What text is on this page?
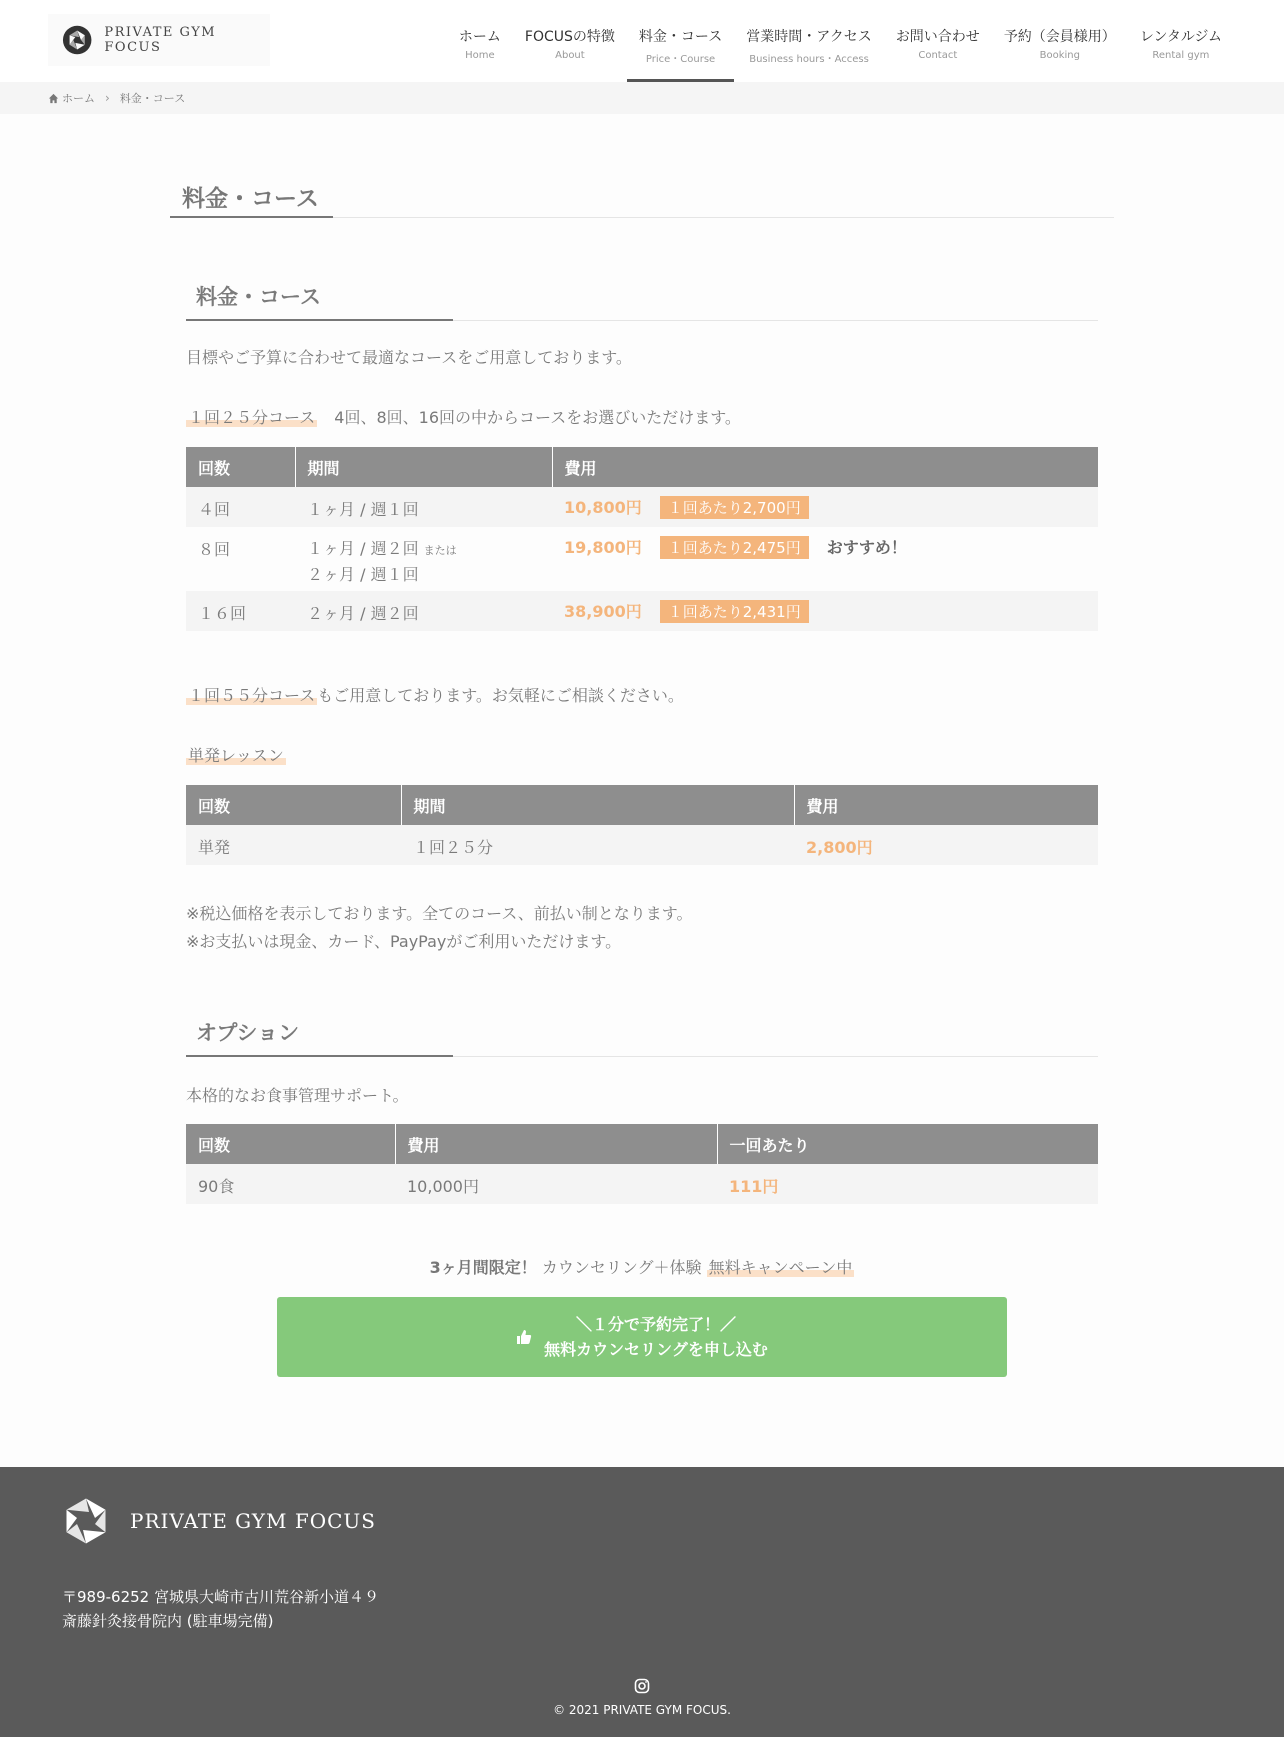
PRIVATE GYM FOCUS
ホーム
Home
FOCUSの特徴
About
料金・コース
Price・Course
営業時間・アクセス
Business hours・Access
お問い合わせ
Contact
予約（会員様用）
Booking
レンタルジム
Rental gym
ホーム › 料金・コース
料金・コース
料金・コース

目標やご予算に合わせて最適なコースをご用意しております。

１回２５分コース 4回、8回、16回の中からコースをお選びいただけます。

回数	期間	費用
４回	１ヶ月 / 週１回	10,800円 １回あたり2,700円
８回	１ヶ月 / 週２回 または
２ヶ月 / 週１回	19,800円 １回あたり2,475円 おすすめ！
１６回	２ヶ月 / 週２回	38,900円 １回あたり2,431円

１回５５分コース もご用意しております。お気軽にご相談ください。

単発レッスン

回数	期間	費用
単発	１回２５分	2,800円

※税込価格を表示しております。全てのコース、前払い制となります。

※お支払いは現金、カード、PayPayがご利用いただけます。

オプション

本格的なお食事管理サポート。

回数	費用	一回あたり
90食	10,000円	111円

3ヶ月間限定！ カウンセリング＋体験 無料キャンペーン中

＼１分で予約完了！／
無料カウンセリングを申し込む
PRIVATE GYM FOCUS
〒989-6252 宮城県大崎市古川荒谷新小道４９
斎藤針灸接骨院内 (駐車場完備)
© 2021 PRIVATE GYM FOCUS.
